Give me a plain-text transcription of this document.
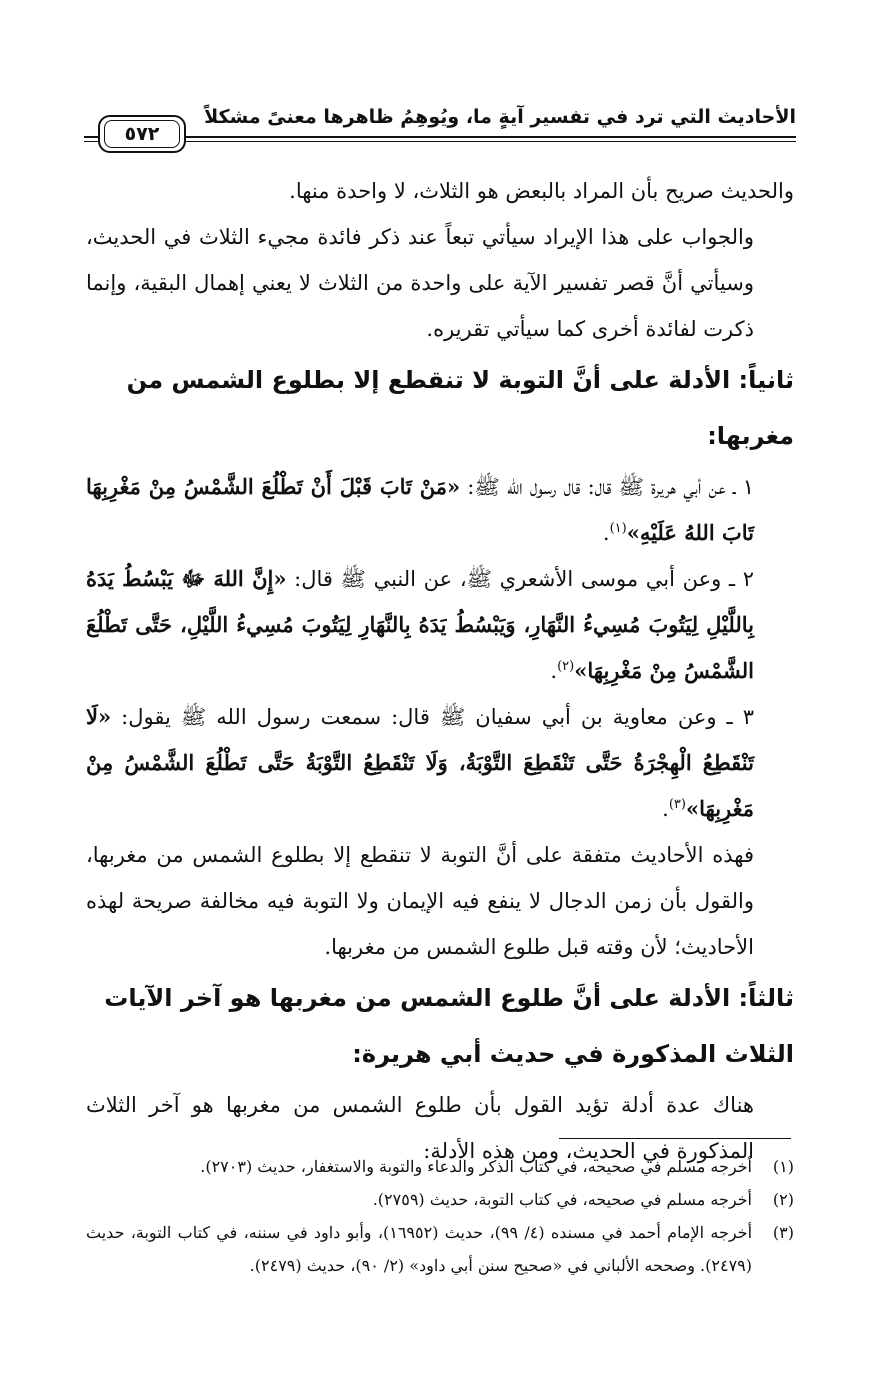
الأحاديث التي ترد في تفسير آيةٍ ما، ويُوهِمُ ظاهرها معنىً مشكلاً
٥٧٢

والحديث صريح بأن المراد بالبعض هو الثلاث، لا واحدة منها.

والجواب على هذا الإيراد سيأتي تبعاً عند ذكر فائدة مجيء الثلاث في الحديث، وسيأتي أنَّ قصر تفسير الآية على واحدة من الثلاث لا يعني إهمال البقية، وإنما ذكرت لفائدة أخرى كما سيأتي تقريره.

ثانياً: الأدلة على أنَّ التوبة لا تنقطع إلا بطلوع الشمس من مغربها:

١ ـ عن أبي هريرة ﷺ قال: قال رسول الله ﷺ: «مَنْ تَابَ قَبْلَ أَنْ تَطْلُعَ الشَّمْسُ مِنْ مَغْرِبِهَا تَابَ اللهُ عَلَيْهِ»$^{(١)}$.

٢ ـ وعن أبي موسى الأشعري ﷺ، عن النبي ﷺ قال: «إِنَّ اللهَ ﷻ يَبْسُطُ يَدَهُ بِاللَّيْلِ لِيَتُوبَ مُسِيءُ النَّهَارِ، وَيَبْسُطُ يَدَهُ بِالنَّهَارِ لِيَتُوبَ مُسِيءُ اللَّيْلِ، حَتَّى تَطْلُعَ الشَّمْسُ مِنْ مَغْرِبِهَا»$^{(٢)}$.

٣ ـ وعن معاوية بن أبي سفيان ﷺ قال: سمعت رسول الله ﷺ يقول: «لَا تَنْقَطِعُ الْهِجْرَةُ حَتَّى تَنْقَطِعَ التَّوْبَةُ، وَلَا تَنْقَطِعُ التَّوْبَةُ حَتَّى تَطْلُعَ الشَّمْسُ مِنْ مَغْرِبِهَا»$^{(٣)}$.

فهذه الأحاديث متفقة على أنَّ التوبة لا تنقطع إلا بطلوع الشمس من مغربها، والقول بأن زمن الدجال لا ينفع فيه الإيمان ولا التوبة فيه مخالفة صريحة لهذه الأحاديث؛ لأن وقته قبل طلوع الشمس من مغربها.

ثالثاً: الأدلة على أنَّ طلوع الشمس من مغربها هو آخر الآيات الثلاث المذكورة في حديث أبي هريرة:

هناك عدة أدلة تؤيد القول بأن طلوع الشمس من مغربها هو آخر الثلاث المذكورة في الحديث، ومن هذه الأدلة:

(١)
أخرجه مسلم في صحيحه، في كتاب الذكر والدعاء والتوبة والاستغفار، حديث (٢٧٠٣).
(٢)
أخرجه مسلم في صحيحه، في كتاب التوبة، حديث (٢٧٥٩).
(٣)
أخرجه الإمام أحمد في مسنده (٤/ ٩٩)، حديث (١٦٩٥٢)، وأبو داود في سننه، في كتاب التوبة، حديث (٢٤٧٩). وصححه الألباني في «صحيح سنن أبي داود» (٢/ ٩٠)، حديث (٢٤٧٩).
